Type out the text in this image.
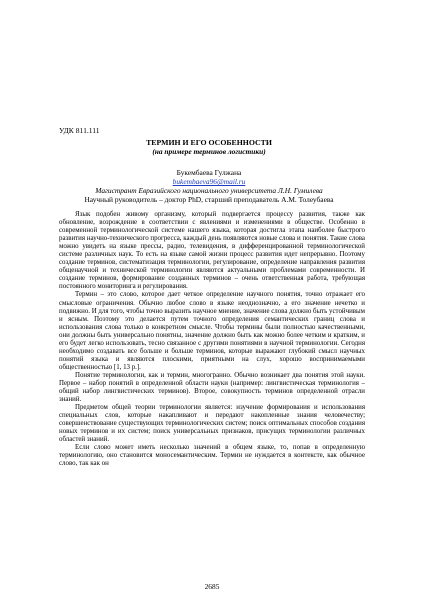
УДК 811.111
ТЕРМИН И ЕГО ОСОБЕННОСТИ
(на примере терминов логистики)
Букембаева Гулжана
bukembaeva96@mail.ru
Магистрант Евразийского национального университета Л.Н. Гумилева
Научный руководитель – доктор PhD, старший преподаватель А.М. Толеубаева

Язык подобен живому организму, который подвергается процессу развития, также как обновление, возрождение в соответствии с явлениями и изменениями в обществе. Особенно в современной терминологической системе нашего языка, которая достигла этапа наиболее быстрого развития научно-технического прогресса, каждый день появляются новые слова и понятия. Такие слова можно увидеть на языке прессы, радио, телевидения, в дифференцированной терминологической системе различных наук. То есть на языке самой жизни процесс развития идет непрерывно. Поэтому создание терминов, систематизация терминологии, регулирование, определение направления развития общенаучной и технической терминологии являются актуальными проблемами современности. И создание терминов, формирование созданных терминов – очень ответственная работа, требующая постоянного мониторинга и регулирования.

Термин – это слово, которое дает четкое определение научного понятия, точно отражает его смысловые ограничения. Обычно любое слово в языке неоднозначно, а его значение нечетко и подвижно. И для того, чтобы точно выразить научное мнение, значение слова должно быть устойчивым и ясным. Поэтому это делается путем точного определения семантических границ слова и использования слова только в конкретном смысле. Чтобы термины были полностью качественными, они должны быть универсально понятны, значение должно быть как можно более четким и кратким, и его будет легко использовать, тесно связанное с другими понятиями в научной терминологии. Сегодня необходимо создавать все больше и больше терминов, которые выражают глубокий смысл научных понятий языка и являются плоскими, приятными на слух, хорошо воспринимаемыми общественностью [1, 13 р.].

Понятие терминологии, как и термин, многогранно. Обычно возникает два понятия этой науки. Первое – набор понятий в определенной области науки (например: лингвистическая терминология – общий набор лингвистических терминов). Второе, совокупность терминов определенной отрасли знаний.

Предметом общей теории терминологии является: изучение формирования и использования специальных слов, которые накапливают и передают накопленные знания человечеству; совершенствование существующих терминологических систем; поиск оптимальных способов создания новых терминов и их систем; поиск универсальных признаков, присущих терминологии различных областей знаний.

Если слово может иметь несколько значений в общем языке, то, попав в определенную терминологию, оно становится моносемантическим. Термин не нуждается в контексте, как обычное слово, так как он

2685
